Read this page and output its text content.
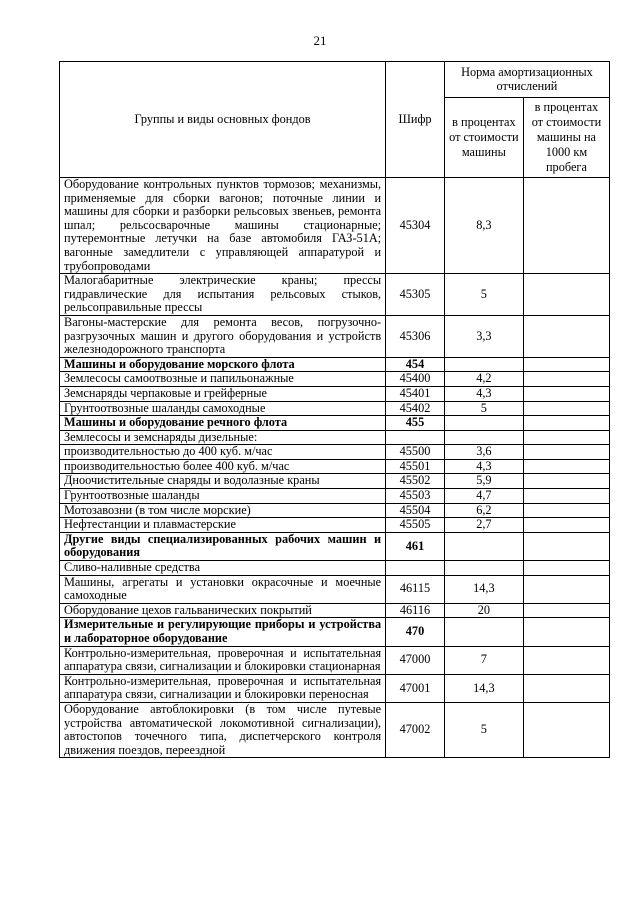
21
Группы и виды основных фондов	Шифр	Норма амортизационных отчислений	
		в процентах от стоимости машины	в процентах от стоимости машины на 1000 км пробега
Оборудование контрольных пунктов тормозов; механизмы, применяемые для сборки вагонов; поточные линии и машины для сборки и разборки рельсовых звеньев, ремонта шпал; рельсосварочные машины стационарные; путеремонтные летучки на базе автомобиля ГАЗ-51А; вагонные замедлители с управляющей аппаратурой и трубопроводами	45304	8,3	
Малогабаритные электрические краны; прессы гидравлические для испытания рельсовых стыков, рельсоправильные прессы	45305	5	
Вагоны-мастерские для ремонта весов, погрузочно-разгрузочных машин и другого оборудования и устройств железнодорожного транспорта	45306	3,3	
Машины и оборудование морского флота	454		
Землесосы самоотвозные и папильонажные	45400	4,2	
Земснаряды черпаковые и грейферные	45401	4,3	
Грунтоотвозные шаланды самоходные	45402	5	
Машины и оборудование речного флота	455		
Землесосы и земснаряды дизельные:			
производительностью до 400 куб. м/час	45500	3,6	
производительностью более 400 куб. м/час	45501	4,3	
Дноочистительные снаряды и водолазные краны	45502	5,9	
Грунтоотвозные шаланды	45503	4,7	
Мотозавозни (в том числе морские)	45504	6,2	
Нефтестанции и плавмастерские	45505	2,7	
Другие виды специализированных рабочих машин и оборудования	461		
Сливо-наливные средства			
Машины, агрегаты и установки окрасочные и моечные самоходные	46115	14,3	
Оборудование цехов гальванических покрытий	46116	20	
Измерительные и регулирующие приборы и устройства и лабораторное оборудование	470		
Контрольно-измерительная, проверочная и испытательная аппаратура связи, сигнализации и блокировки стационарная	47000	7	
Контрольно-измерительная, проверочная и испытательная аппаратура связи, сигнализации и блокировки переносная	47001	14,3	
Оборудование автоблокировки (в том числе путевые устройства автоматической локомотивной сигнализации), автостопов точечного типа, диспетчерского контроля движения поездов, переездной	47002	5	
